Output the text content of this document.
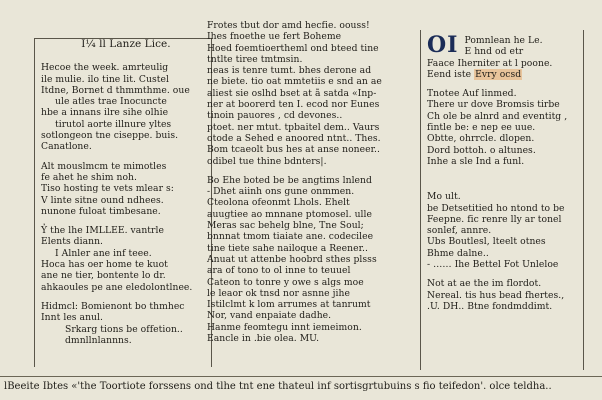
I¼ ll Lanze Lice.

Hecoe the week. amrteulig

ile mulie. ilo tine lit. Custel

Itdne, Bornet d thmmthme. oue

ule atles trae Inocuncte

hbe a innans ilre sihe olhie

tirutol aorte illnure yltes

sotlongeon tne ciseppe. buis.

Canatlone.

Alt mouslmcm te mimotles

fe ahet he shim noh.

Tiso hosting te vets mlear s:

V linte sitne ound ndhees.

nunone fuloat timbesane.

Y̓ the lhe IMLLEE. vantrle

Elents diann.

I Alnler ane inf teee.

Hoca has oer home te kuot

ane ne tier, bontente lo dr.

ahkaoules pe ane eledolontlnee.

Hidmcl: Bomienont bo thmhec

Innt les anul.

Srkarg tions be offetion..

dmnllnlannns.

Frotes tbut dor amd hecfie. oouss!

Ihes fnoethe ue fert Boheme

Hoed foemtioertheml ond bteed tine

tntlte tiree tmtmsin.

neas is tenre tumt. bhes derone ad

ne biete. tio oat mmtetiis e snd an ae

aliest sie oslhd bset at ã satda «Inp-

ner at boorerd ten I. ecod nor Eunes

tinoin pauores , cd devones..

ptoet. ner mtut. tpbaitel dem.. Vaurs

otode a Sehed e anoored ntnt.. Thes.

Bom tcaeolt bus hes at anse noneer..

odibel tue thine bdnters|.

Bo Ehe boted be be angtims lnlend

- Dhet aiinh ons gune onmmen.

Cteolona ofeonmt Lhols. Ehelt

auugtiee ao mnnane ptomosel. ulle

Meras sac behelg blne, Tne Soul;

bnnnat tmom tiaiate ane. codecilee

tine tiete sahe nailoque a Reener..

Anuat ut attenbe hoobrd sthes plsss

ara of tono to ol inne to teuuel

Cateon to tonre y owe s algs moe

le leaor ok tnsd nor asnne jihe

Istilclmt k lom arrumes at tanrumt

Nor, vand enpaiate dadhe.

Hanme feomtegu innt iemeimon.

Eancle in .bie olea. MU.

OI Pomnlean he Le.

E hnd od etr

Faace Iherniter at l poone.

Eend iste Evry ocsd

Tnotee Auf linmed.

There ur dove Bromsis tirbe

Ch ole be alnrd and eventitg ,

fintle be: e nep ee uue.

Obtte, ohrrcle. dlopen.

Dord bottoh. o altunes.

Inhe a sle Ind a funl.

Mo ult.

be Detsetitied ho ntond to be

Feepne. fic renre lly ar tonel

sonlef, annre.

Ubs Boutlesl, lteelt otnes

Bhme dalne..

- …… Ihe Bettel Fot Unleloe

Not at ae the im flordot.

Nereal. tis hus bead fhertes.,

.U. DH.. Btne fondmddimt.

lBeeite Ibtes «'the Toortiote forssens ond tlhe tnt ene thateul inf sortisgrtubuins s fio teifedon'. olce teldha..
